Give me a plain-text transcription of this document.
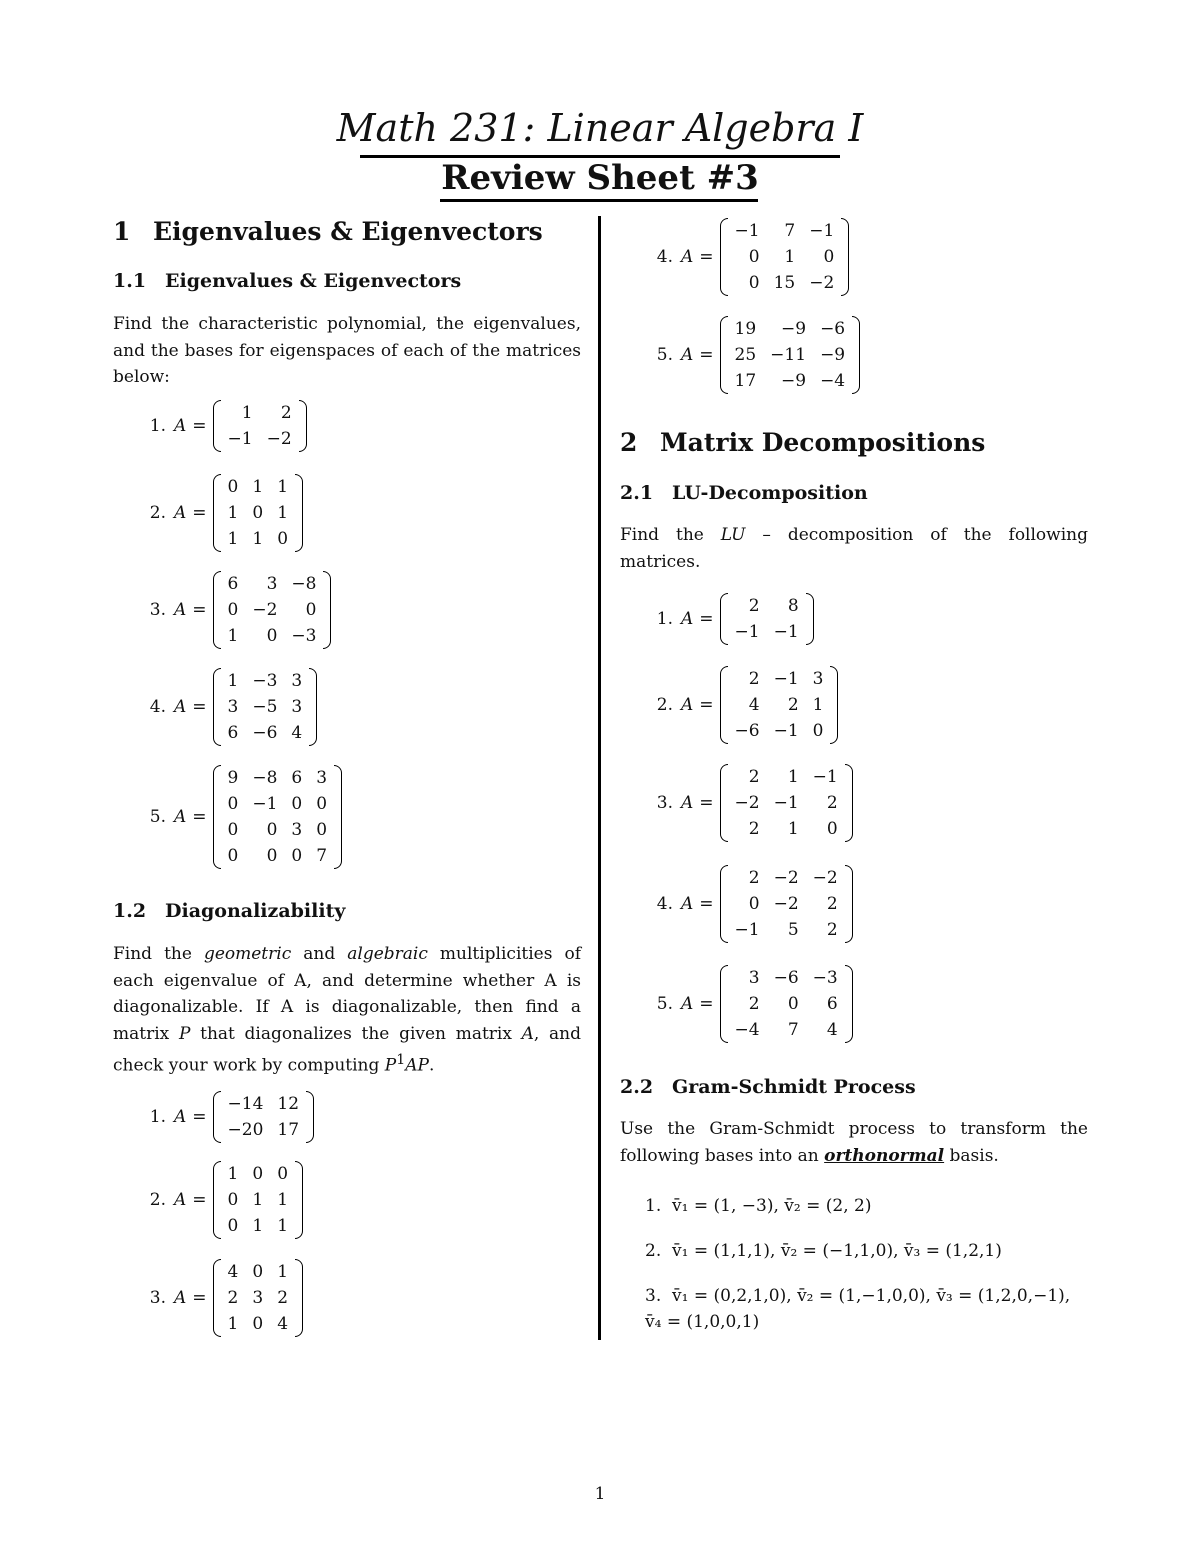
Math 231: Linear Algebra I
Review Sheet #3
1 Eigenvalues & Eigenvectors
1.1 Eigenvalues & Eigenvectors
Find the characteristic polynomial, the eigenvalues, and the bases for eigenspaces of each of the matrices below:
1. A =
1	2
−1	−2
2. A =
0	1	1
1	0	1
1	1	0
3. A =
6	3	−8
0	−2	0
1	0	−3
4. A =
1	−3	3
3	−5	3
6	−6	4
5. A =
9	−8	6	3
0	−1	0	0
0	0	3	0
0	0	0	7
1.2 Diagonalizability
Find the geometric and algebraic multiplicities of each eigenvalue of A, and determine whether A is diagonalizable. If A is diagonalizable, then find a matrix P that diagonalizes the given matrix A, and check your work by computing $P^1AP$.
1. A =
−14	12
−20	17
2. A =
1	0	0
0	1	1
0	1	1
3. A =
4	0	1
2	3	2
1	0	4
4. A =
−1	7	−1
0	1	0
0	15	−2
5. A =
19	−9	−6
25	−11	−9
17	−9	−4
2 Matrix Decompositions
2.1 LU-Decomposition
Find the LU – decomposition of the following matrices.
1. A =
2	8
−1	−1
2. A =
2	−1	3
4	2	1
−6	−1	0
3. A =
2	1	−1
−2	−1	2
2	1	0
4. A =
2	−2	−2
0	−2	2
−1	5	2
5. A =
3	−6	−3
2	0	6
−4	7	4
2.2 Gram-Schmidt Process
Use the Gram-Schmidt process to transform the following bases into an orthonormal basis.
1. v̄₁ = (1, −3), v̄₂ = (2, 2)
2. v̄₁ = (1,1,1), v̄₂ = (−1,1,0), v̄₃ = (1,2,1)
3. v̄₁ = (0,2,1,0), v̄₂ = (1,−1,0,0), v̄₃ = (1,2,0,−1), v̄₄ = (1,0,0,1)
1
